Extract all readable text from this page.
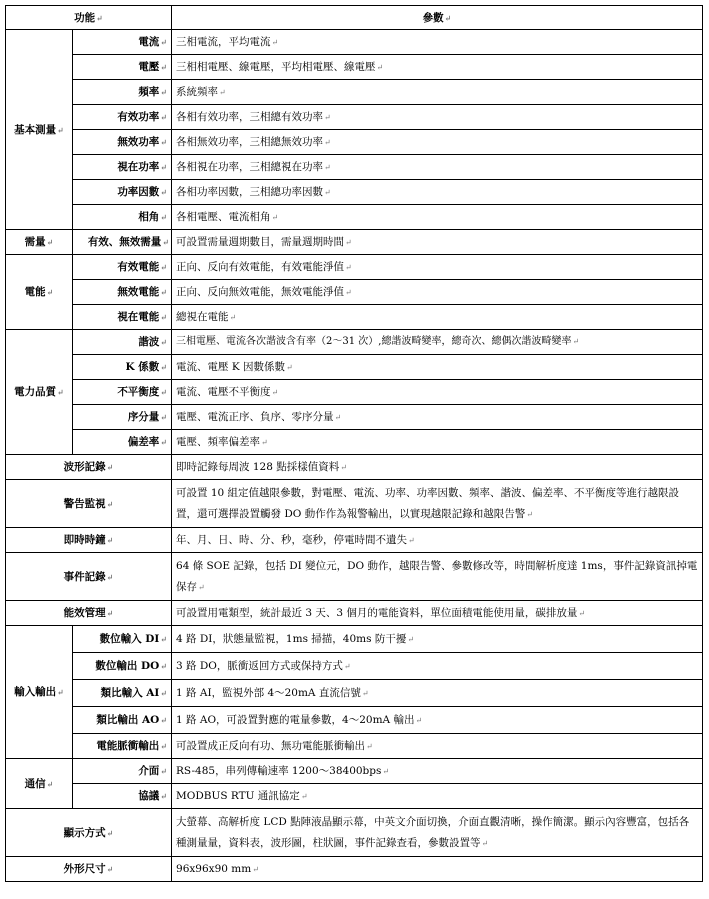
功能 ↵		參數 ↵
基本測量 ↵	電流 ↵	三相電流，平均電流 ↵
	電壓 ↵	三相相電壓、線電壓，平均相電壓、線電壓 ↵
	頻率 ↵	系統頻率 ↵
	有效功率 ↵	各相有效功率，三相總有效功率 ↵
	無效功率 ↵	各相無效功率，三相總無效功率 ↵
	視在功率 ↵	各相視在功率，三相總視在功率 ↵
	功率因數 ↵	各相功率因數，三相總功率因數 ↵
	相角 ↵	各相電壓、電流相角 ↵
需量 ↵	有效、無效需量 ↵	可設置需量週期數目，需量週期時間 ↵
電能 ↵	有效電能 ↵	正向、反向有效電能，有效電能淨值 ↵
	無效電能 ↵	正向、反向無效電能，無效電能淨值 ↵
	視在電能 ↵	總視在電能 ↵
電力品質 ↵	諧波 ↵	三相電壓、電流各次諧波含有率（2～31 次）,總諧波畸變率，總奇次、總偶次諧波畸變率 ↵
	K 係數 ↵	電流、電壓 K 因數係數 ↵
	不平衡度 ↵	電流、電壓不平衡度 ↵
	序分量 ↵	電壓、電流正序、負序、零序分量 ↵
	偏差率 ↵	電壓、頻率偏差率 ↵
波形記錄 ↵		即時記錄每周波 128 點採樣值資料 ↵
警告監視 ↵		可設置 10 組定值越限參數，對電壓、電流、功率、功率因數、頻率、諧波、偏差率、不平衡度等進行越限設置，還可選擇設置觸發 DO 動作作為報警輸出，以實現越限記錄和越限告警 ↵
即時時鐘 ↵		年、月、日、時、分、秒，毫秒，停電時間不遺失 ↵
事件記錄 ↵		64 條 SOE 記錄，包括 DI 變位元，DO 動作，越限告警、參數修改等，時間解析度達 1ms，事件記錄資訊掉電保存 ↵
能效管理 ↵		可設置用電類型，統計最近 3 天、3 個月的電能資料，單位面積電能使用量，碳排放量 ↵
輸入輸出 ↵	數位輸入 DI ↵	4 路 DI，狀態量監視，1ms 掃描，40ms 防干擾 ↵
	數位輸出 DO ↵	3 路 DO，脈衝返回方式或保持方式 ↵
	類比輸入 AI ↵	1 路 AI，監視外部 4～20mA 直流信號 ↵
	類比輸出 AO ↵	1 路 AO，可設置對應的電量參數，4～20mA 輸出 ↵
	電能脈衝輸出 ↵	可設置成正反向有功、無功電能脈衝輸出 ↵
通信 ↵	介面 ↵	RS-485，串列傳輸速率 1200～38400bps ↵
	協議 ↵	MODBUS RTU 通訊協定 ↵
顯示方式 ↵		大螢幕、高解析度 LCD 點陣液晶顯示幕，中英文介面切換，介面直觀清晰，操作簡潔。顯示內容豐富，包括各種測量量，資料表，波形圖，柱狀圖，事件記錄查看，參數設置等 ↵
外形尺寸 ↵		96x96x90 mm ↵
